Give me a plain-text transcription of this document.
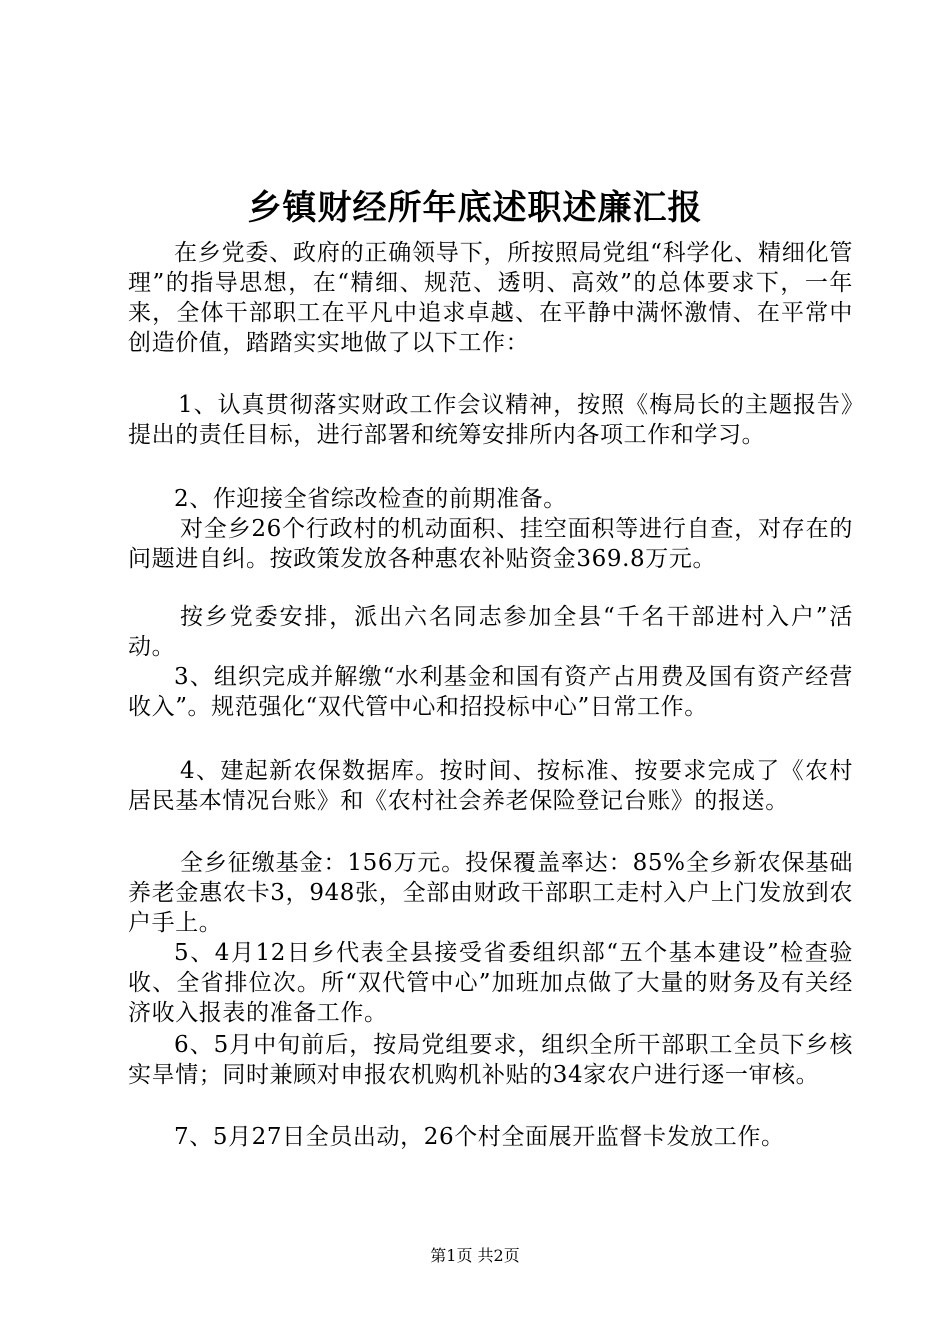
乡镇财经所年底述职述廉汇报
在乡党委、政府的正确领导下，所按照局党组“科学化、精细化管理”的指导思想，在“精细、规范、透明、高效”的总体要求下，一年来，全体干部职工在平凡中追求卓越、在平静中满怀激情、在平常中创造价值，踏踏实实地做了以下工作：
1、认真贯彻落实财政工作会议精神，按照《梅局长的主题报告》提出的责任目标，进行部署和统筹安排所内各项工作和学习。
2、作迎接全省综改检查的前期准备。
对全乡26个行政村的机动面积、挂空面积等进行自查，对存在的问题进自纠。按政策发放各种惠农补贴资金369.8万元。
按乡党委安排，派出六名同志参加全县“千名干部进村入户”活动。
3、组织完成并解缴“水利基金和国有资产占用费及国有资产经营收入”。规范强化“双代管中心和招投标中心”日常工作。
4、建起新农保数据库。按时间、按标准、按要求完成了《农村居民基本情况台账》和《农村社会养老保险登记台账》的报送。
全乡征缴基金：156万元。投保覆盖率达：85%全乡新农保基础养老金惠农卡3，948张，全部由财政干部职工走村入户上门发放到农户手上。
5、4月12日乡代表全县接受省委组织部“五个基本建设”检查验收、全省排位次。所“双代管中心”加班加点做了大量的财务及有关经济收入报表的准备工作。
6、5月中旬前后，按局党组要求，组织全所干部职工全员下乡核实旱情；同时兼顾对申报农机购机补贴的34家农户进行逐一审核。
7、5月27日全员出动，26个村全面展开监督卡发放工作。
第1页 共2页
